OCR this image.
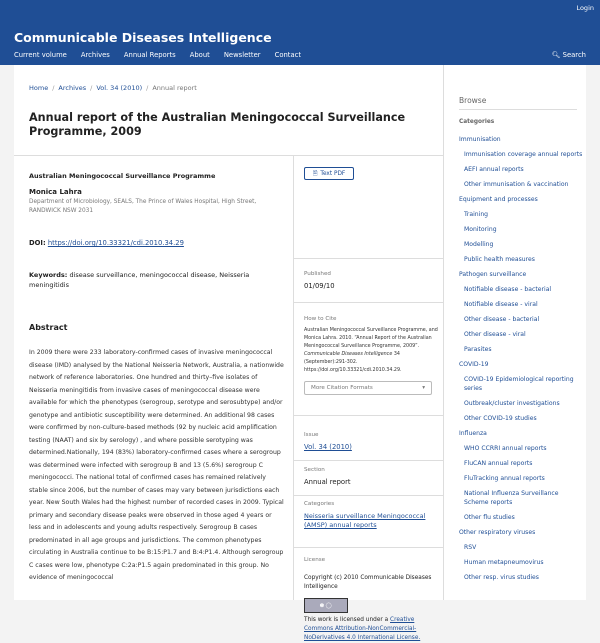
Login
Communicable Diseases Intelligence
Current volume Archives Annual Reports About Newsletter Contact	🔍︎ Search
Home / Archives / Vol. 34 (2010) / Annual report
Annual report of the Australian Meningococcal Surveillance Programme, 2009
Australian Meningococcal Surveillance Programme
Monica Lahra
Department of Microbiology, SEALS, The Prince of Wales Hospital, High Street, RANDWICK NSW 2031
DOI: https://doi.org/10.33321/cdi.2010.34.29
Keywords: disease surveillance, meningococcal disease, Neisseria meningitidis
Abstract
In 2009 there were 233 laboratory-confirmed cases of invasive meningococcal disease (IMD) analysed by the National Neisseria Network, Australia, a nationwide network of reference laboratories. One hundred and thirty–five isolates of Neisseria meningitidis from invasive cases of meningococcal disease were available for which the phenotypes (serogroup, serotype and serosubtype) and/or genotype and antibiotic susceptibility were determined. An additional 98 cases were confirmed by non-culture-based methods (92 by nucleic acid amplification testing (NAAT) and six by serology) , and where possible serotyping was determined.Nationally, 194 (83%) laboratory-confirmed cases where a serogroup was determined were infected with serogroup B and 13 (5.6%) serogroup C meningococci. The national total of confirmed cases has remained relatively stable since 2006, but the number of cases may vary between jurisdictions each year. New South Wales had the highest number of recorded cases in 2009. Typical primary and secondary disease peaks were observed in those aged 4 years or less and in adolescents and young adults respectively. Serogroup B cases predominated in all age groups and jurisdictions. The common phenotypes circulating in Australia continue to be B:15:P1.7 and B:4:P1.4. Although serogroup C cases were low, phenotype C:2a:P1.5 again predominated in this group. No evidence of meningococcal
🗎︎ Text PDF
Published
01/09/10
How to Cite
Australian Meningococcal Surveillance Programme, and Monica Lahra. 2010. “Annual Report of the Australian Meningococcal Surveillance Programme, 2009”. Communicable Diseases Intelligence 34 (September):291-302. https://doi.org/10.33321/cdi.2010.34.29.
More Citation Formats	▾
Issue
Vol. 34 (2010)
Section
Annual report
Categories
Neisseria surveillance Meningococcal (AMSP) annual reports
License
Copyright (c) 2010 Communicable Diseases Intelligence
🅭︎ ◯
This work is licensed under a Creative Commons Attribution-NonCommercial-NoDerivatives 4.0 International License.
Browse
Categories
Immunisation
Immunisation coverage annual reports
AEFI annual reports
Other immunisation & vaccination
Equipment and processes
Training
Monitoring
Modelling
Public health measures
Pathogen surveillance
Notifiable disease - bacterial
Notifiable disease - viral
Other disease - bacterial
Other disease - viral
Parasites
COVID-19
COVID-19 Epidemiological reporting series
Outbreak/cluster investigations
Other COVID-19 studies
Influenza
WHO CCRRI annual reports
FluCAN annual reports
FluTracking annual reports
National Influenza Surveillance Scheme reports
Other flu studies
Other respiratory viruses
RSV
Human metapneumovirus
Other resp. virus studies
